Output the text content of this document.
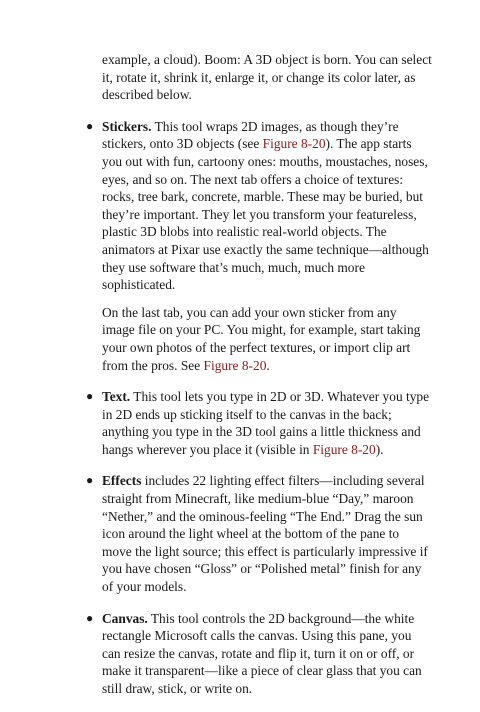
example, a cloud). Boom: A 3D object is born. You can select it, rotate it, shrink it, enlarge it, or change its color later, as described below.

● Stickers. This tool wraps 2D images, as though they’re stickers, onto 3D objects (see Figure 8-20). The app starts you out with fun, cartoony ones: mouths, moustaches, noses, eyes, and so on. The next tab offers a choice of textures: rocks, tree bark, concrete, marble. These may be buried, but they’re important. They let you transform your featureless, plastic 3D blobs into realistic real-world objects. The animators at Pixar use exactly the same technique—although they use software that’s much, much, much more sophisticated.

On the last tab, you can add your own sticker from any image file on your PC. You might, for example, start taking your own photos of the perfect textures, or import clip art from the pros. See Figure 8-20.

● Text. This tool lets you type in 2D or 3D. Whatever you type in 2D ends up sticking itself to the canvas in the back; anything you type in the 3D tool gains a little thickness and hangs wherever you place it (visible in Figure 8-20).

● Effects includes 22 lighting effect filters—including several straight from Minecraft, like medium-blue “Day,” maroon “Nether,” and the ominous-feeling “The End.” Drag the sun icon around the light wheel at the bottom of the pane to move the light source; this effect is particularly impressive if you have chosen “Gloss” or “Polished metal” finish for any of your models.

● Canvas. This tool controls the 2D background—the white rectangle Microsoft calls the canvas. Using this pane, you can resize the canvas, rotate and flip it, turn it on or off, or make it transparent—like a piece of clear glass that you can still draw, stick, or write on.
